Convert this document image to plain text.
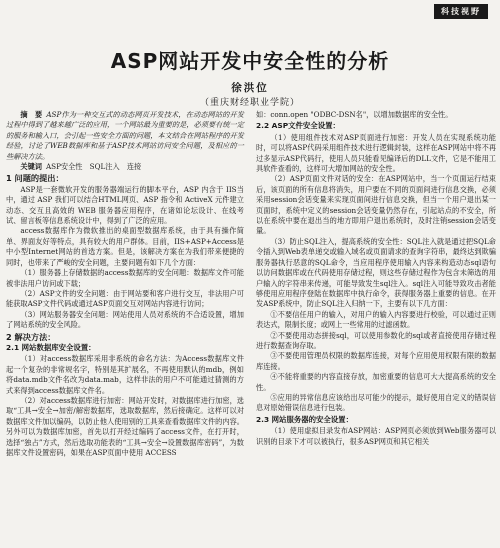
科技视野
ASP网站开发中安全性的分析
徐洪位
（重庆财经职业学院）

摘　要 ASP作为一种交互式的动态网页开发技术，在动态网站的开发过程中得到了越来越广泛的应用，一个网站最为重要的是，必须要有统一定的服务和输入口，会引起一些安全方面的问题，本文结合在网站程序的开发经验，讨论了WEB数据库和基于ASP技术网站访问安全问题，及相应的一些解决方法。

关键词 ASP安全性　SQL注入　连接

1 问题的提出：

ASP是一套微软开发的服务器端运行的脚本平台，ASP 内含于 IIS当中，通过 ASP 我们可以结合HTML网页、ASP 指令和 ActiveX 元件建立动态、交互且高效的 WEB 服务器应用程序，在诸如论坛设计、在线考试、留言板等信息系统设计中，得到了广泛的应用。

access数据库作为微软推出的桌面型数据库系统，由于具有操作简单、界面友好等特点，具有较大的用户群体。目前，IIS+ASP+Access是中小型Internet网站的首选方案。但是，该解决方案在为我们带来便捷的同时，也带来了严峻的安全问题，主要问题有如下几个方面：

（1）服务器上存储数据的access数据库的安全问题：数据库文件可能被非法用户访问或下载；

（2）ASP文件的安全问题：由于网站要和客户进行交互，非法用户可能获取ASP文件代码或通过ASP页面交互对网站内容进行访问；

（3）网站服务器安全问题：网站使用人员对系统的不合适设置，增加了网站系统的安全风险。

2 解决方法：
2.1 网站数据库安全设置：

（1）对access数据库采用非系统的命名方法：为Access数据库文件起一个复杂的非常规名字，特别是其扩展名，不再使用默认的mdb，例如将data.mdb文件名改为data.mab，这样非法的用户不可能通过猜测的方式来得到access数据库文件名。

（2）对access数据库进行加密：网站开发时，对数据库进行加密，选取“工具→安全→加密/解密数据库，选取数据库，然后接确定。这样可以对数据库文件加以编码，以防止他人使用别的工具来查看数据库文件的内容。另外可以为数据库加密，首先以打开经过编码了access文件，在打开时，选择“独占”方式，然后选取功能表的“工具→安全→设置数据库密码”，为数据库文件设置密码，如果在ASP页面中使用 ACCESS

如：conn.open "ODBC-DSN名"，以增加数据库的安全性。

2.2 ASP文件安全设置：

（1）使用组件技术对ASP页面进行加密：开发人员在实现系统功能时，可以将ASP代码采用组件技术进行逻辑封装，这样在ASP网站中将不再过多显示ASP代码行，使用人员只能看见编译后的DLL文件，它是不能用工具软件查看的，这样可大增加网站的安全性。

（2）ASP页面文件对话的安全：在ASP网站中，当一个页面运行结束后，该页面的所有信息将消失，用户要在不同的页面间进行信息交换，必须采用session会话变量来实现页面间进行信息交换，但当一个用户退出某一页面时，系统中定义的session会话变量仍然存在，引起站点的不安全，所以在系统中要在退出当的地方即用户退出系统时，及时注销session会话变量。

（3）防止SQL注入，提高系统的安全性：SQL注入就是通过把SQL命令插入到Web表单递交或输入域名或页面请求的查询字符串，最终达到欺骗服务器执行恶意的SQL命令，当应用程序使用输入内容来构造动态sql语句以访问数据库或在代码使用存储过程，则这些存储过程作为包含未筛选的用户输入的字符串来传递，可能导致发生sql注入。sql注入可能导致攻击者能够使用应用程序登陆在数据库中执行命令，获得服务器上重要的信息。在开发ASP系统中，防止SQL注入归纳一下，主要有以下几方面：

①不要信任用户的输入，对用户的输入内容要进行校验，可以通过正则表达式，限制长度；或网上一些常用的过滤函数。

②不要使用动态拼接sql，可以使用参数化的sql或者直接使用存储过程进行数据查询存取。

③不要使用管理员权限的数据库连接，对每个应用使用权限有限的数据库连接。

④不能将重要的内容直接存放，加密重要的信息可大大提高系统的安全性。

⑤应用的异常信息应该给出尽可能少的提示，最好使用自定义的错误信息对原始错误信息进行包装。

2.3 网站服务器的安全设置：

（1）使用虚拟目录发布ASP网站：ASP网页必须放到Web服务器可以识别的目录下才可以被执行，很多ASP网页和其它相关
